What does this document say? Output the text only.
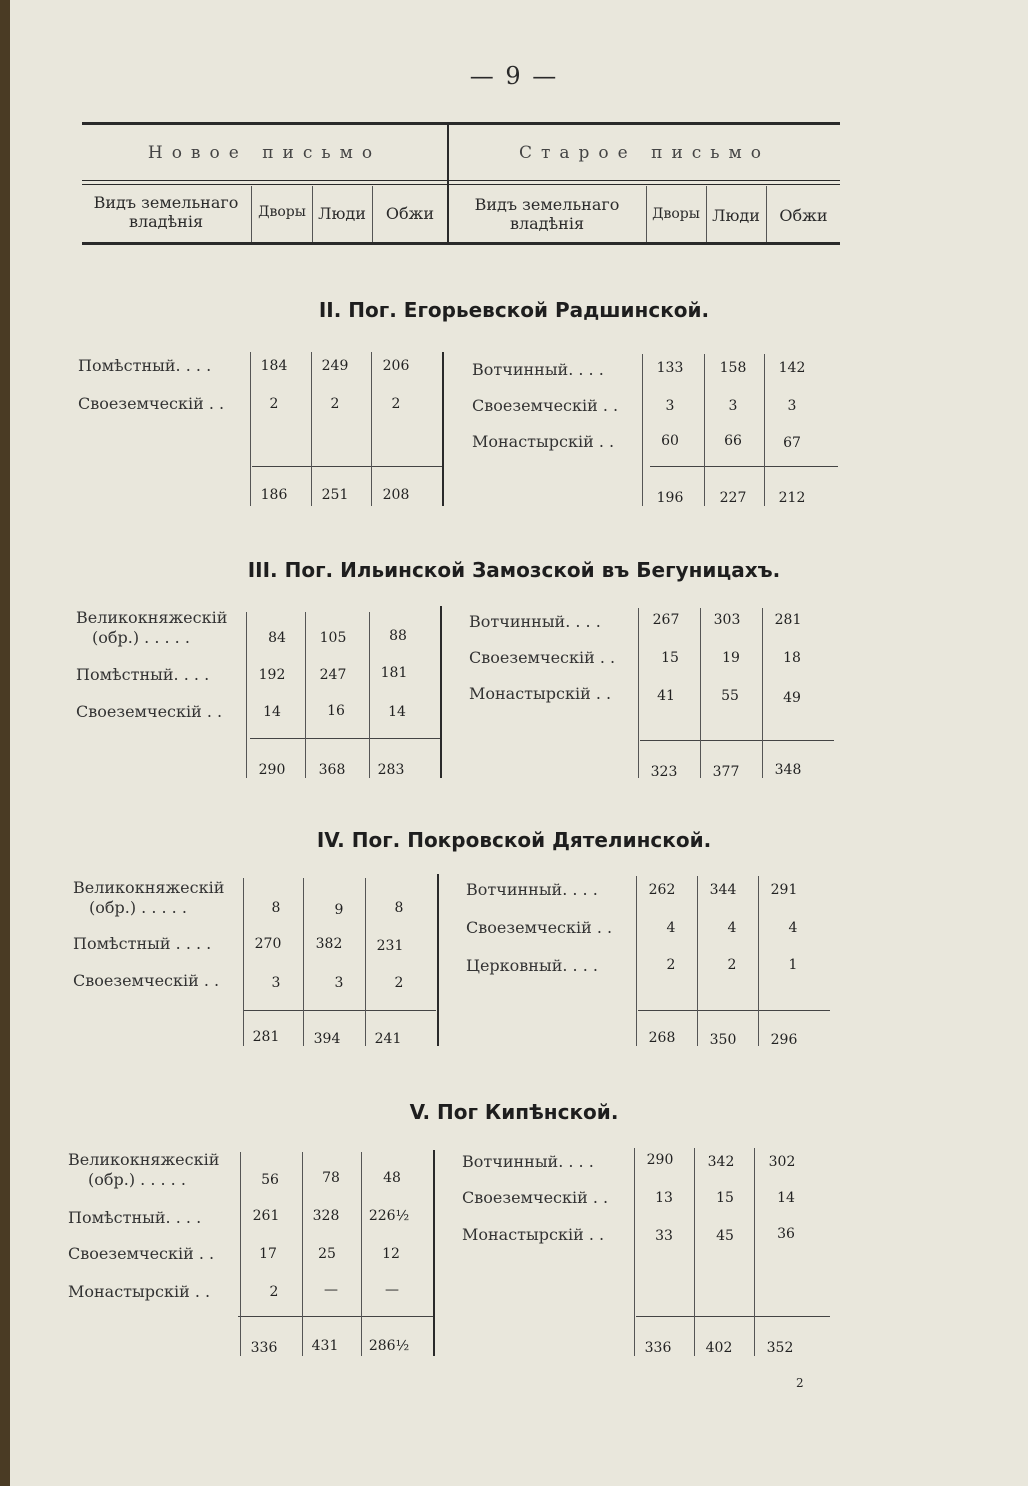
— 9 —
Новое письмо	Старое письмо
Видъ земельнаго владѣнія	Дворы Люди	Обжи	Видъ земельнаго владѣнія	Дворы Люди	Обжи
II. Пог. Егорьевской Радшинской.
Помѣстный. . . .	184	249	206
Своеземческій . .	2	2	2
186	251	208
Вотчинный. . . .	133	158	142
Своеземческій . .	3	3	3
Монастырскій . .	60	66	67
196	227	212
III. Пог. Ильинской Замозской въ Бегуницахъ.
Великокняжескій
(обр.) . . . . .	84	105	88
Помѣстный. . . .	192	247	181
Своеземческій . .	14	16	14
290	368	283
Вотчинный. . . .	267	303	281
Своеземческій . .	15	19	18
Монастырскій . .	41	55	49
323	377	348
IV. Пог. Покровской Дятелинской.
Великокняжескій
(обр.) . . . . .	8	9	8
Помѣстный . . . .	270	382	231
Своеземческій . .	3	3	2
281	394	241
Вотчинный. . . .	262	344	291
Своеземческій . .	4	4	4
Церковный. . . .	2	2	1
268	350	296
V. Пог Кипѣнской.
Великокняжескій
(обр.) . . . . .	56	78	48
Помѣстный. . . .	261	328	226½
Своеземческій . .	17	25	12
Монастырскій . .	2	—	—
336	431	286½
Вотчинный. . . .	290	342	302
Своеземческій . .	13	15	14
Монастырскій . .	33	45	36
336	402	352
2
